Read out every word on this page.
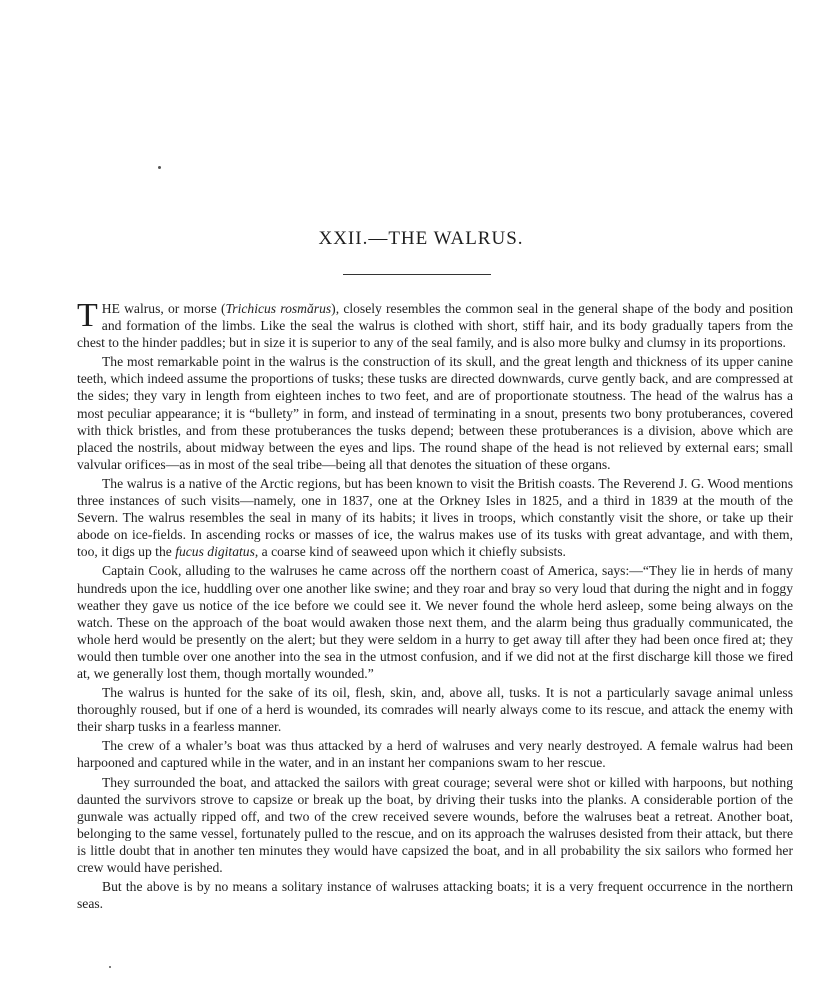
XXII.—THE WALRUS.

THE walrus, or morse (Trichicus rosmărus), closely resembles the common seal in the general shape of the body and position and formation of the limbs. Like the seal the walrus is clothed with short, stiff hair, and its body gradually tapers from the chest to the hinder paddles; but in size it is superior to any of the seal family, and is also more bulky and clumsy in its proportions.

The most remarkable point in the walrus is the construction of its skull, and the great length and thickness of its upper canine teeth, which indeed assume the proportions of tusks; these tusks are directed downwards, curve gently back, and are compressed at the sides; they vary in length from eighteen inches to two feet, and are of proportionate stoutness. The head of the walrus has a most peculiar appearance; it is “bullety” in form, and instead of terminating in a snout, presents two bony protuberances, covered with thick bristles, and from these protuberances the tusks depend; between these protuberances is a division, above which are placed the nostrils, about midway between the eyes and lips. The round shape of the head is not relieved by external ears; small valvular orifices—as in most of the seal tribe—being all that denotes the situation of these organs.

The walrus is a native of the Arctic regions, but has been known to visit the British coasts. The Reverend J. G. Wood mentions three instances of such visits—namely, one in 1837, one at the Orkney Isles in 1825, and a third in 1839 at the mouth of the Severn. The walrus resembles the seal in many of its habits; it lives in troops, which constantly visit the shore, or take up their abode on ice-fields. In ascending rocks or masses of ice, the walrus makes use of its tusks with great advantage, and with them, too, it digs up the fucus digitatus, a coarse kind of seaweed upon which it chiefly subsists.

Captain Cook, alluding to the walruses he came across off the northern coast of America, says:—“They lie in herds of many hundreds upon the ice, huddling over one another like swine; and they roar and bray so very loud that during the night and in foggy weather they gave us notice of the ice before we could see it. We never found the whole herd asleep, some being always on the watch. These on the approach of the boat would awaken those next them, and the alarm being thus gradually communicated, the whole herd would be presently on the alert; but they were seldom in a hurry to get away till after they had been once fired at; they would then tumble over one another into the sea in the utmost confusion, and if we did not at the first discharge kill those we fired at, we generally lost them, though mortally wounded.”

The walrus is hunted for the sake of its oil, flesh, skin, and, above all, tusks. It is not a particularly savage animal unless thoroughly roused, but if one of a herd is wounded, its comrades will nearly always come to its rescue, and attack the enemy with their sharp tusks in a fearless manner.

The crew of a whaler’s boat was thus attacked by a herd of walruses and very nearly destroyed. A female walrus had been harpooned and captured while in the water, and in an instant her companions swam to her rescue.

They surrounded the boat, and attacked the sailors with great courage; several were shot or killed with harpoons, but nothing daunted the survivors strove to capsize or break up the boat, by driving their tusks into the planks. A considerable portion of the gunwale was actually ripped off, and two of the crew received severe wounds, before the walruses beat a retreat. Another boat, belonging to the same vessel, fortunately pulled to the rescue, and on its approach the walruses desisted from their attack, but there is little doubt that in another ten minutes they would have capsized the boat, and in all probability the six sailors who formed her crew would have perished.

But the above is by no means a solitary instance of walruses attacking boats; it is a very frequent occurrence in the northern seas.
